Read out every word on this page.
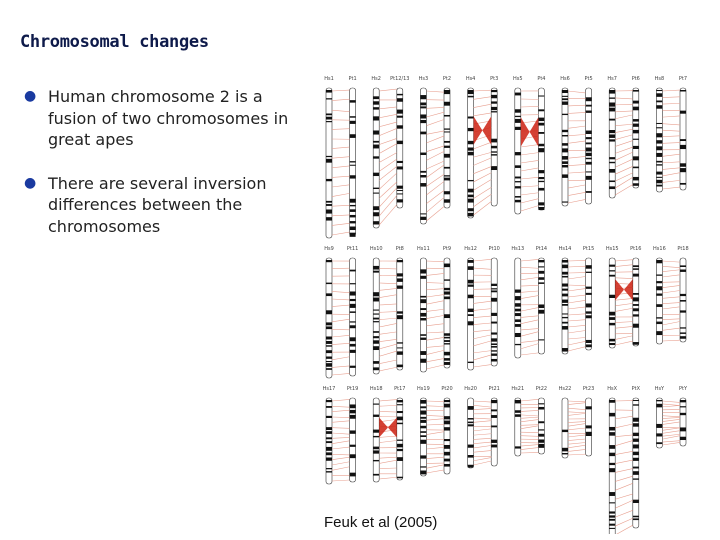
Chromosomal changes
● Human chromosome 2 is a fusion of two chromosomes in great apes
● There are several inversion differences between the chromosomes
Hs1	Pt1	Hs2 Pt12/13 Hs3	Pt2	Hs4	Pt3	Hs5	Pt4	Hs6	Pt5	Hs7	Pt6	Hs8	Pt7
Hs9	Pt11 Hs10	Pt8	Hs11	Pt9	Hs12 Pt10 Hs13 Pt14 Hs14 Pt15 Hs15 Pt16 Hs16 Pt18
Hs17 Pt19 Hs18 Pt17 Hs19 Pt20 Hs20 Pt21 Hs21 Pt22 Hs22 Pt23	HsX	PtX	HsY	PtY
Feuk et al (2005)
